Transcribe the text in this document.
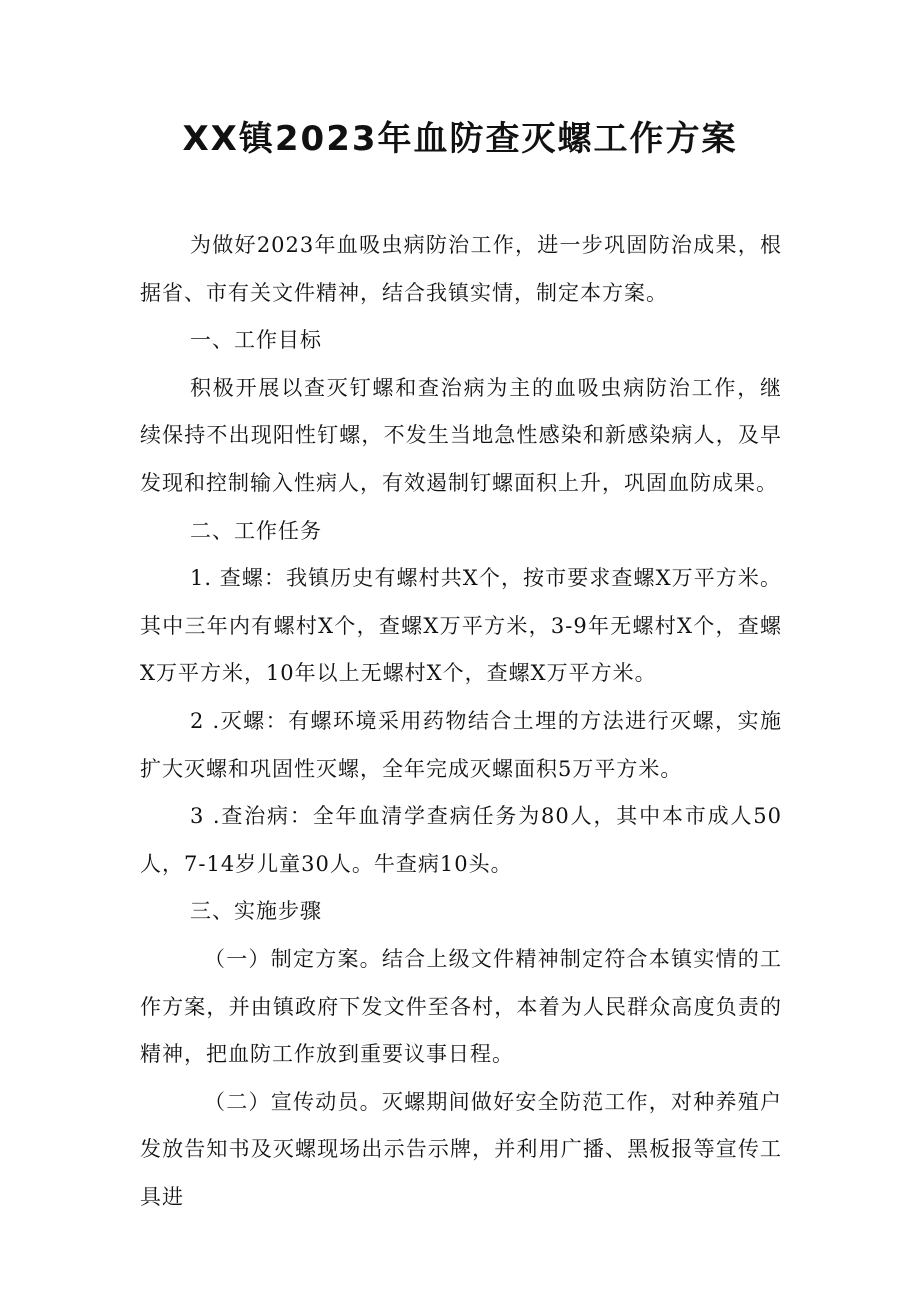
XX镇2023年血防查灭螺工作方案

为做好2023年血吸虫病防治工作，进一步巩固防治成果，根据省、市有关文件精神，结合我镇实情，制定本方案。

一、工作目标

积极开展以查灭钉螺和查治病为主的血吸虫病防治工作，继续保持不出现阳性钉螺，不发生当地急性感染和新感染病人，及早发现和控制输入性病人，有效遏制钉螺面积上升，巩固血防成果。

二、工作任务

1. 查螺：我镇历史有螺村共X个，按市要求查螺X万平方米。其中三年内有螺村X个，查螺X万平方米，3-9年无螺村X个，查螺X万平方米，10年以上无螺村X个，查螺X万平方米。

2 .灭螺：有螺环境采用药物结合土埋的方法进行灭螺，实施扩大灭螺和巩固性灭螺，全年完成灭螺面积5万平方米。

3 .查治病：全年血清学查病任务为80人，其中本市成人50人，7-14岁儿童30人。牛查病10头。

三、实施步骤

（一）制定方案。结合上级文件精神制定符合本镇实情的工作方案，并由镇政府下发文件至各村，本着为人民群众高度负责的精神，把血防工作放到重要议事日程。

（二）宣传动员。灭螺期间做好安全防范工作，对种养殖户发放告知书及灭螺现场出示告示牌，并利用广播、黑板报等宣传工具进
